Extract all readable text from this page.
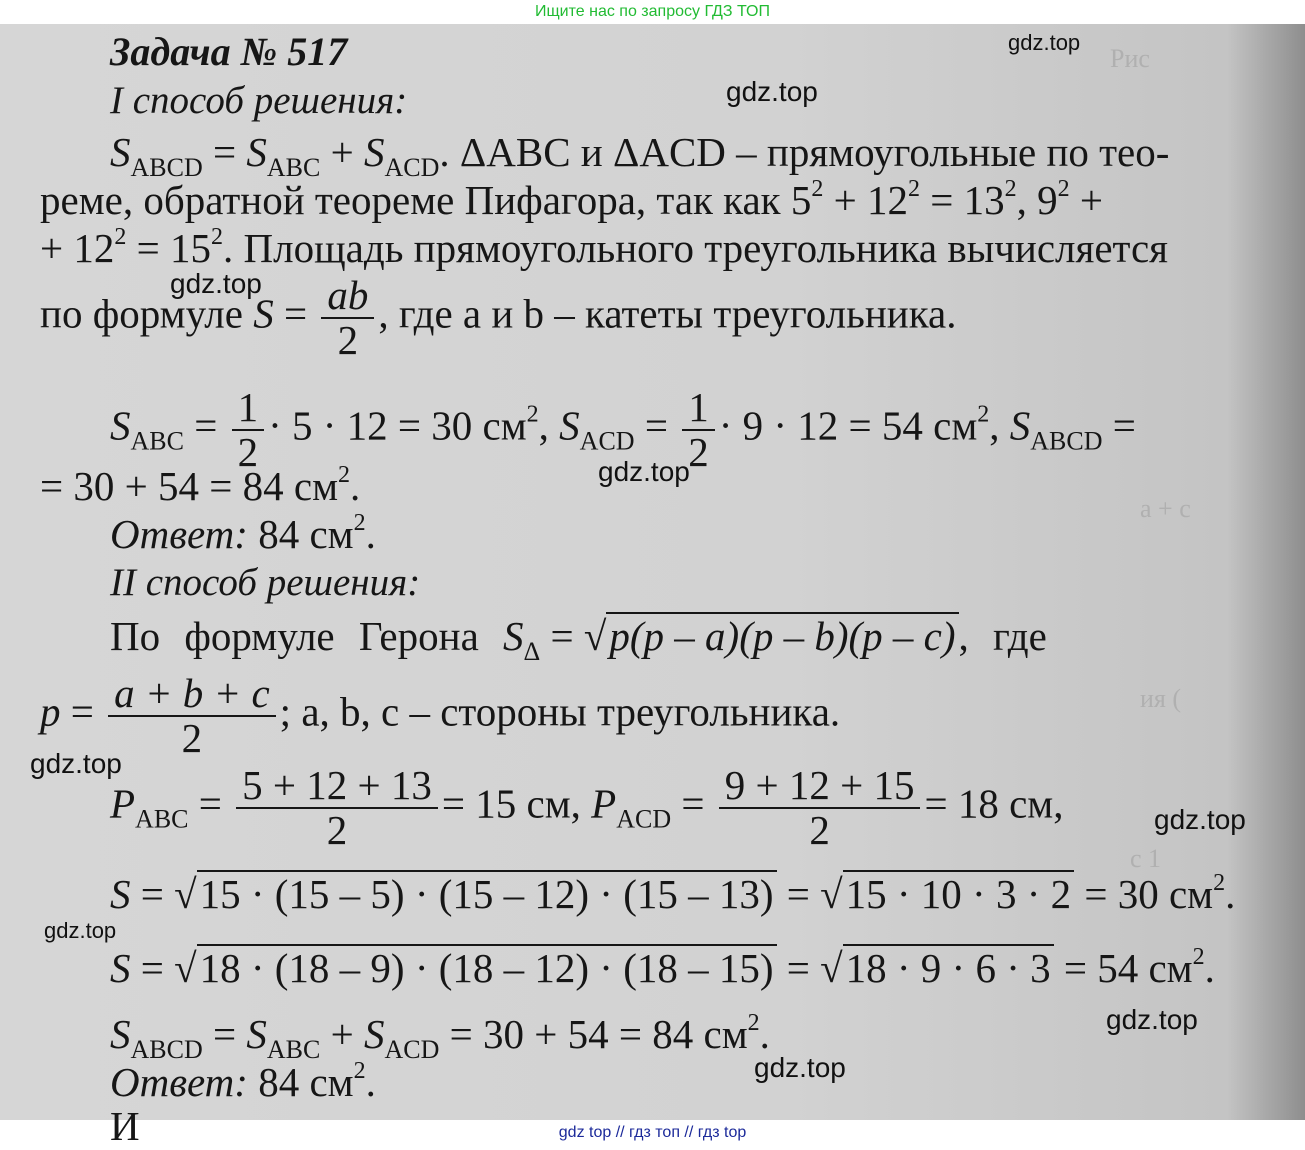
Ищите нас по запросу ГДЗ ТОП
Рис
a + c
ия (
с 1
Задача № 517
I способ решения:
$S_{ABCD} = S_{ABC} + S_{ACD}$. ΔABC и ΔACD – прямоугольные по тео-
реме, обратной теореме Пифагора, так как $5^2 + 12^2 = 13^2$, $9^2$ +
+ $12^2 = 15^2$. Площадь прямоугольного треугольника вычисляется
по формуле $S = \frac{ab}{2}$ , где a и b – катеты треугольника.
$S_{ABC} = \frac{1}{2} \cdot 5 \cdot 12 = 30$ $см^2$, $S_{ACD} = \frac{1}{2} \cdot 9 \cdot 12 = 54$ $см^2$, $S_{ABCD}$ =
= 30 + 54 = 84 $см^2$.
Ответ: 84 $см^2$.
II способ решения:
По формуле Герона $S_\Delta = √p(p - a)(p - b)(p - c)$, где
$p = \frac{a + b + c}{2}$ ; a, b, c – стороны треугольника.
$P_{ABC} = \frac{5 + 12 + 13}{2} = 15$ см, $P_{ACD} = \frac{9 + 12 + 15}{2} = 18$ см,
S = √15 · (15 – 5) · (15 – 12) · (15 – 13) = √15 · 10 · 3 · 2 = 30 $см^2$.
S = √18 · (18 – 9) · (18 – 12) · (18 – 15) = √18 · 9 · 6 · 3 = 54 $см^2$.
$S_{ABCD} = S_{ABC} + S_{ACD} = 30 + 54 = 84$ $см^2$.
Ответ: 84 $см^2$.
И
gdz.top
gdz.top
gdz.top
gdz.top
gdz.top
gdz.top
gdz.top
gdz.top
gdz.top
gdz top // гдз топ // гдз top
